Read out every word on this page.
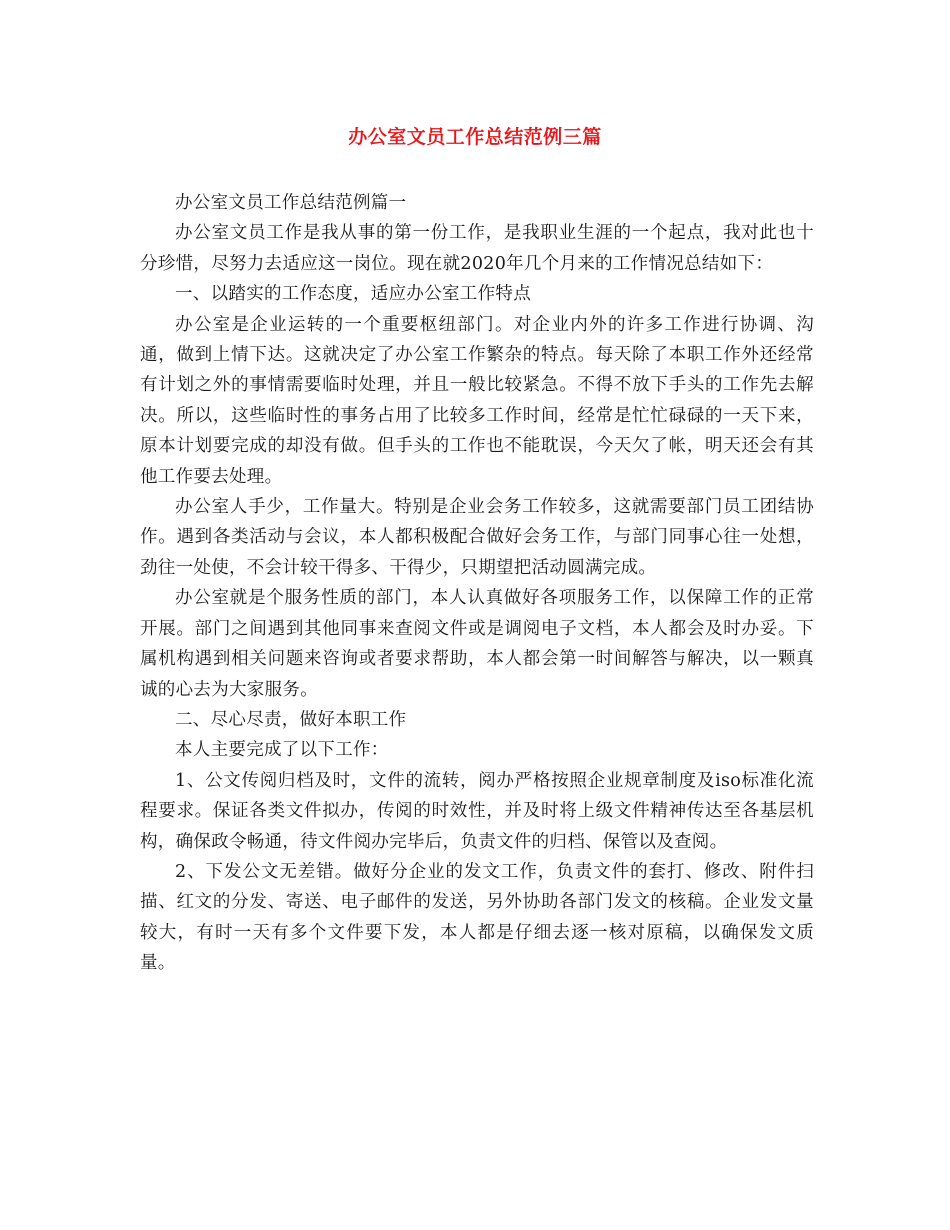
办公室文员工作总结范例三篇

办公室文员工作总结范例篇一

办公室文员工作是我从事的第一份工作，是我职业生涯的一个起点，我对此也十分珍惜，尽努力去适应这一岗位。现在就2020年几个月来的工作情况总结如下：

一、以踏实的工作态度，适应办公室工作特点

办公室是企业运转的一个重要枢纽部门。对企业内外的许多工作进行协调、沟通，做到上情下达。这就决定了办公室工作繁杂的特点。每天除了本职工作外还经常有计划之外的事情需要临时处理，并且一般比较紧急。不得不放下手头的工作先去解决。所以，这些临时性的事务占用了比较多工作时间，经常是忙忙碌碌的一天下来，原本计划要完成的却没有做。但手头的工作也不能耽误，今天欠了帐，明天还会有其他工作要去处理。

办公室人手少，工作量大。特别是企业会务工作较多，这就需要部门员工团结协作。遇到各类活动与会议，本人都积极配合做好会务工作，与部门同事心往一处想，劲往一处使，不会计较干得多、干得少，只期望把活动圆满完成。

办公室就是个服务性质的部门，本人认真做好各项服务工作，以保障工作的正常开展。部门之间遇到其他同事来查阅文件或是调阅电子文档，本人都会及时办妥。下属机构遇到相关问题来咨询或者要求帮助，本人都会第一时间解答与解决，以一颗真诚的心去为大家服务。

二、尽心尽责，做好本职工作

本人主要完成了以下工作：

1、公文传阅归档及时，文件的流转，阅办严格按照企业规章制度及iso标准化流程要求。保证各类文件拟办，传阅的时效性，并及时将上级文件精神传达至各基层机构，确保政令畅通，待文件阅办完毕后，负责文件的归档、保管以及查阅。

2、下发公文无差错。做好分企业的发文工作，负责文件的套打、修改、附件扫描、红文的分发、寄送、电子邮件的发送，另外协助各部门发文的核稿。企业发文量较大，有时一天有多个文件要下发，本人都是仔细去逐一核对原稿，以确保发文质量。
